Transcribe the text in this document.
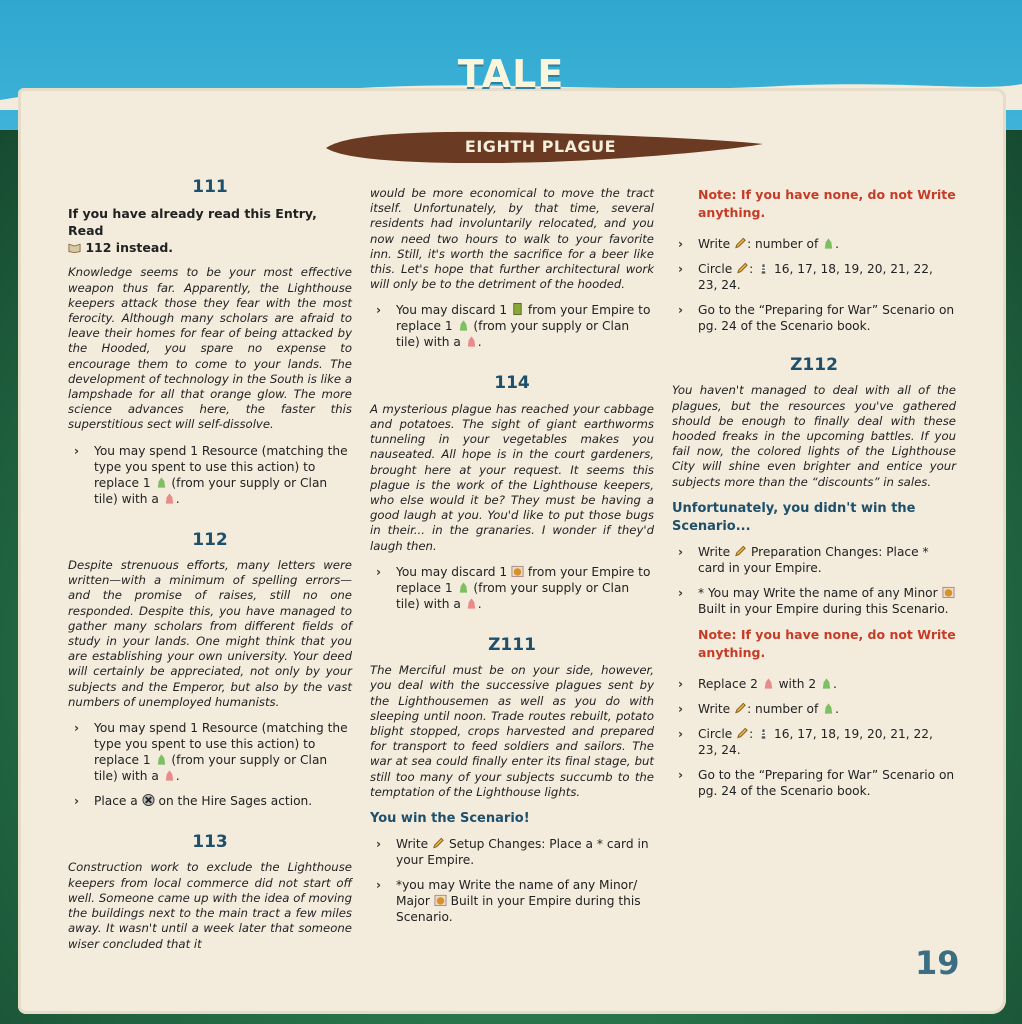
TALE
EIGHTH PLAGUE
111
If you have already read this Entry, Read
112 instead.

Knowledge seems to be your most effective weapon thus far. Apparently, the Lighthouse keepers attack those they fear with the most ferocity. Although many scholars are afraid to leave their homes for fear of being attacked by the Hooded, you spare no expense to encourage them to come to your lands. The development of technology in the South is like a lampshade for all that orange glow. The more science advances here, the faster this superstitious sect will self-dissolve.

› You may spend 1 Resource (matching the type you spent to use this action) to replace 1 (from your supply or Clan tile) with a .
112

Despite strenuous efforts, many letters were written—with a minimum of spelling errors—and the promise of raises, still no one responded. Despite this, you have managed to gather many scholars from different fields of study in your lands. One might think that you are establishing your own university. Your deed will certainly be appreciated, not only by your subjects and the Emperor, but also by the vast numbers of unemployed humanists.

› You may spend 1 Resource (matching the type you spent to use this action) to replace 1 (from your supply or Clan tile) with a .
› Place a on the Hire Sages action.
113

Construction work to exclude the Lighthouse keepers from local commerce did not start off well. Someone came up with the idea of moving the buildings next to the main tract a few miles away. It wasn't until a week later that someone wiser concluded that it

would be more economical to move the tract itself. Unfortunately, by that time, several residents had involuntarily relocated, and you now need two hours to walk to your favorite inn. Still, it's worth the sacrifice for a beer like this. Let's hope that further architectural work will only be to the detriment of the hooded.

› You may discard 1 from your Empire to replace 1 (from your supply or Clan tile) with a .
114

A mysterious plague has reached your cabbage and potatoes. The sight of giant earthworms tunneling in your vegetables makes you nauseated. All hope is in the court gardeners, brought here at your request. It seems this plague is the work of the Lighthouse keepers, who else would it be? They must be having a good laugh at you. You'd like to put those bugs in their... in the granaries. I wonder if they'd laugh then.

› You may discard 1 from your Empire to replace 1 (from your supply or Clan tile) with a .
Z111

The Merciful must be on your side, however, you deal with the successive plagues sent by the Lighthousemen as well as you do with sleeping until noon. Trade routes rebuilt, potato blight stopped, crops harvested and prepared for transport to feed soldiers and sailors. The war at sea could finally enter its final stage, but still too many of your subjects succumb to the temptation of the Lighthouse lights.

You win the Scenario!
› Write Setup Changes: Place a * card in your Empire.
› *you may Write the name of any Minor/ Major Built in your Empire during this Scenario.
Note: If you have none, do not Write anything.
› Write : number of .
› Circle : 16, 17, 18, 19, 20, 21, 22, 23, 24.
› Go to the “Preparing for War” Scenario on pg. 24 of the Scenario book.
Z112

You haven't managed to deal with all of the plagues, but the resources you've gathered should be enough to finally deal with these hooded freaks in the upcoming battles. If you fail now, the colored lights of the Lighthouse City will shine even brighter and entice your subjects more than the “discounts” in sales.

Unfortunately, you didn't win the Scenario...
› Write Preparation Changes: Place * card in your Empire.
› * You may Write the name of any Minor  Built in your Empire during this Scenario.
Note: If you have none, do not Write anything.
› Replace 2 with 2 .
› Write : number of .
› Circle : 16, 17, 18, 19, 20, 21, 22, 23, 24.
› Go to the “Preparing for War” Scenario on pg. 24 of the Scenario book.
19
